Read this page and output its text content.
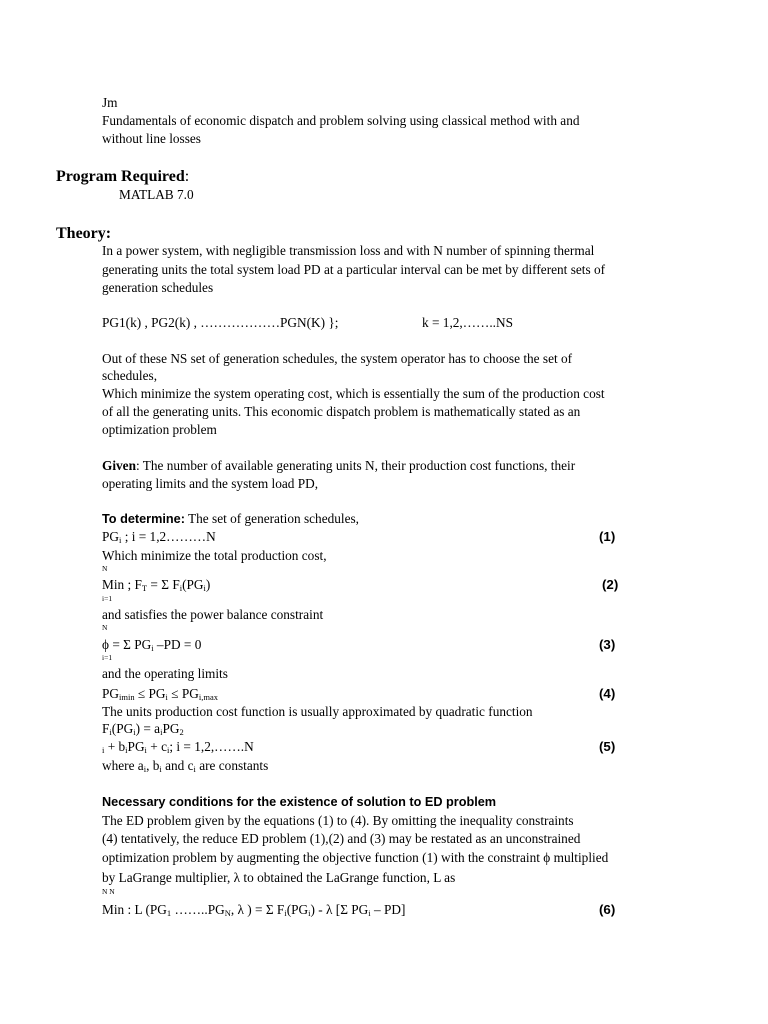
Jm
Fundamentals of economic dispatch and problem solving using classical method with and
without line losses
Program Required:
MATLAB 7.0
Theory:
In a power system, with negligible transmission loss and with N number of spinning thermal
generating units the total system load PD at a particular interval can be met by different sets of
generation schedules
PG1(k) , PG2(k) , ………………PGN(K) };	k = 1,2,……..NS
Out of these NS set of generation schedules, the system operator has to choose the set of
schedules,
Which minimize the system operating cost, which is essentially the sum of the production cost
of all the generating units. This economic dispatch problem is mathematically stated as an
optimization problem
Given: The number of available generating units N, their production cost functions, their
operating limits and the system load PD,
To determine: The set of generation schedules,
$PG_i$ ; i = 1,2………N	(1)
Which minimize the total production cost,
N
Min ; $F_T = \Sigma$ $F_i(PG_i)$	(2)
i=1
and satisfies the power balance constraint
N
ϕ = Σ $PG_i$ –PD = 0	(3)
i=1
and the operating limits
$PG_{imin} \le PG_i \le PG_{i,max}$	(4)
The units production cost function is usually approximated by quadratic function
$F_i(PG_i) = a_iPG_2$
$_i + b_iPG_i + c_i$; i = 1,2,…….N	(5)
where $a_i$, $b_i$ and $c_i$ are constants
Necessary conditions for the existence of solution to ED problem
The ED problem given by the equations (1) to (4). By omitting the inequality constraints
(4) tentatively, the reduce ED problem (1),(2) and (3) may be restated as an unconstrained
optimization problem by augmenting the objective function (1) with the constraint ϕ multiplied
by LaGrange multiplier, λ to obtained the LaGrange function, L as
N N
Min : L ($PG_1$ $\dots\dots..PG_N$, λ ) = Σ $F_i(PG_i)$ - λ [Σ $PG_i - PD$]	(6)
